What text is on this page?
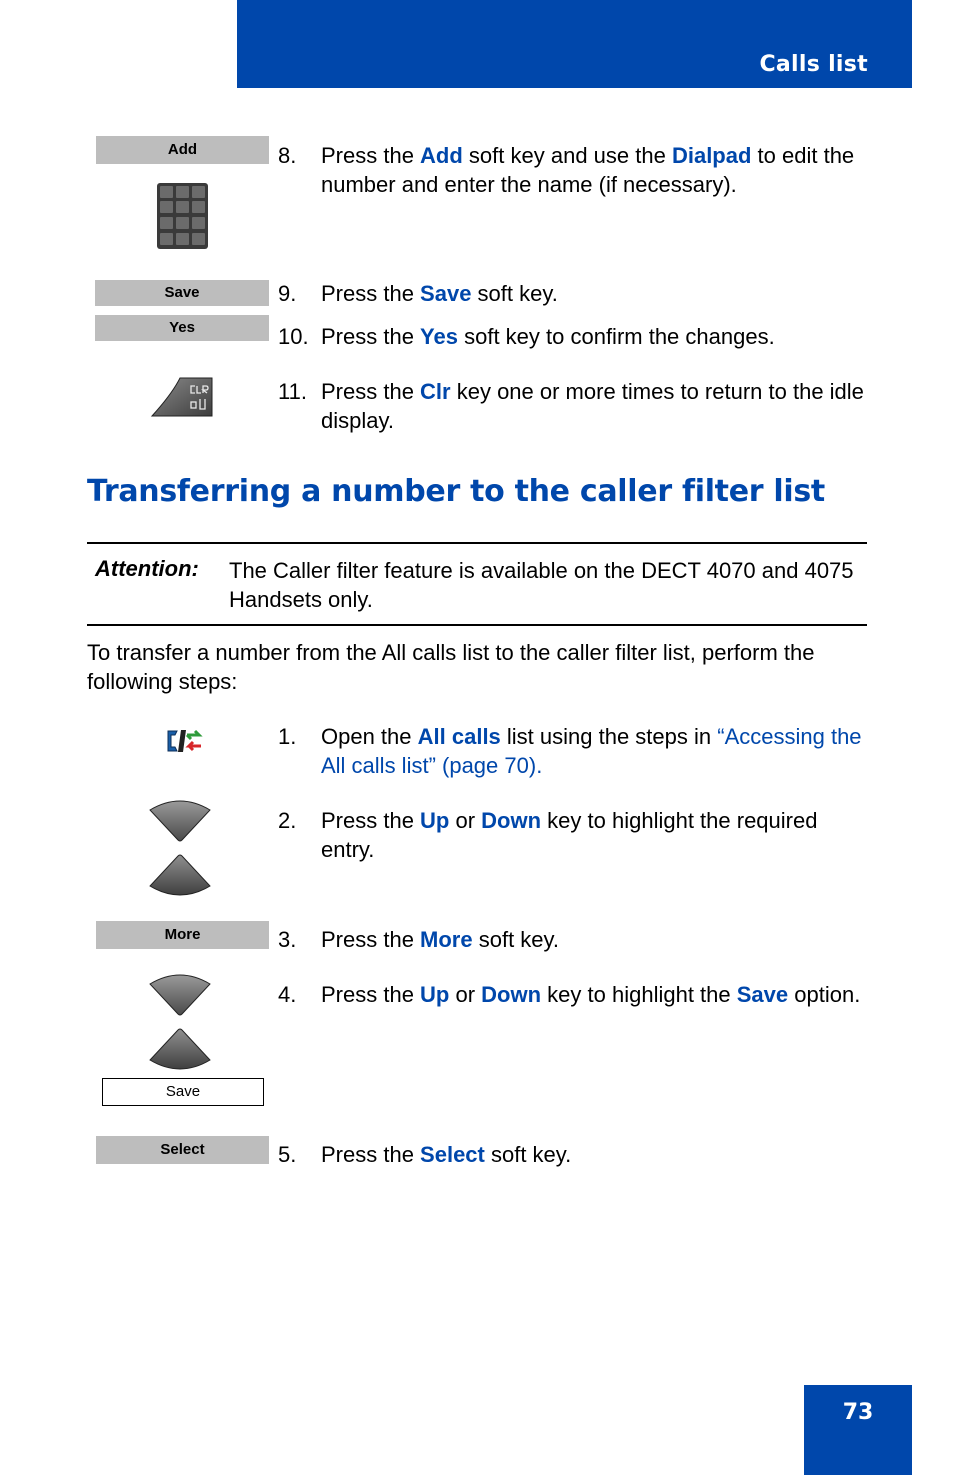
Calls list
Add
Save
Yes
8. Press the Add soft key and use the Dialpad to edit the number and enter the name (if necessary).
9. Press the Save soft key.
10. Press the Yes soft key to confirm the changes.
11. Press the Clr key one or more times to return to the idle display.
Transferring a number to the caller filter list
Attention: The Caller filter feature is available on the DECT 4070 and 4075 Handsets only.
To transfer a number from the All calls list to the caller filter list, perform the following steps:
More
Save
Select
1. Open the All calls list using the steps in “Accessing the All calls list” (page 70).
2. Press the Up or Down key to highlight the required entry.
3. Press the More soft key.
4. Press the Up or Down key to highlight the Save option.
5. Press the Select soft key.
73
